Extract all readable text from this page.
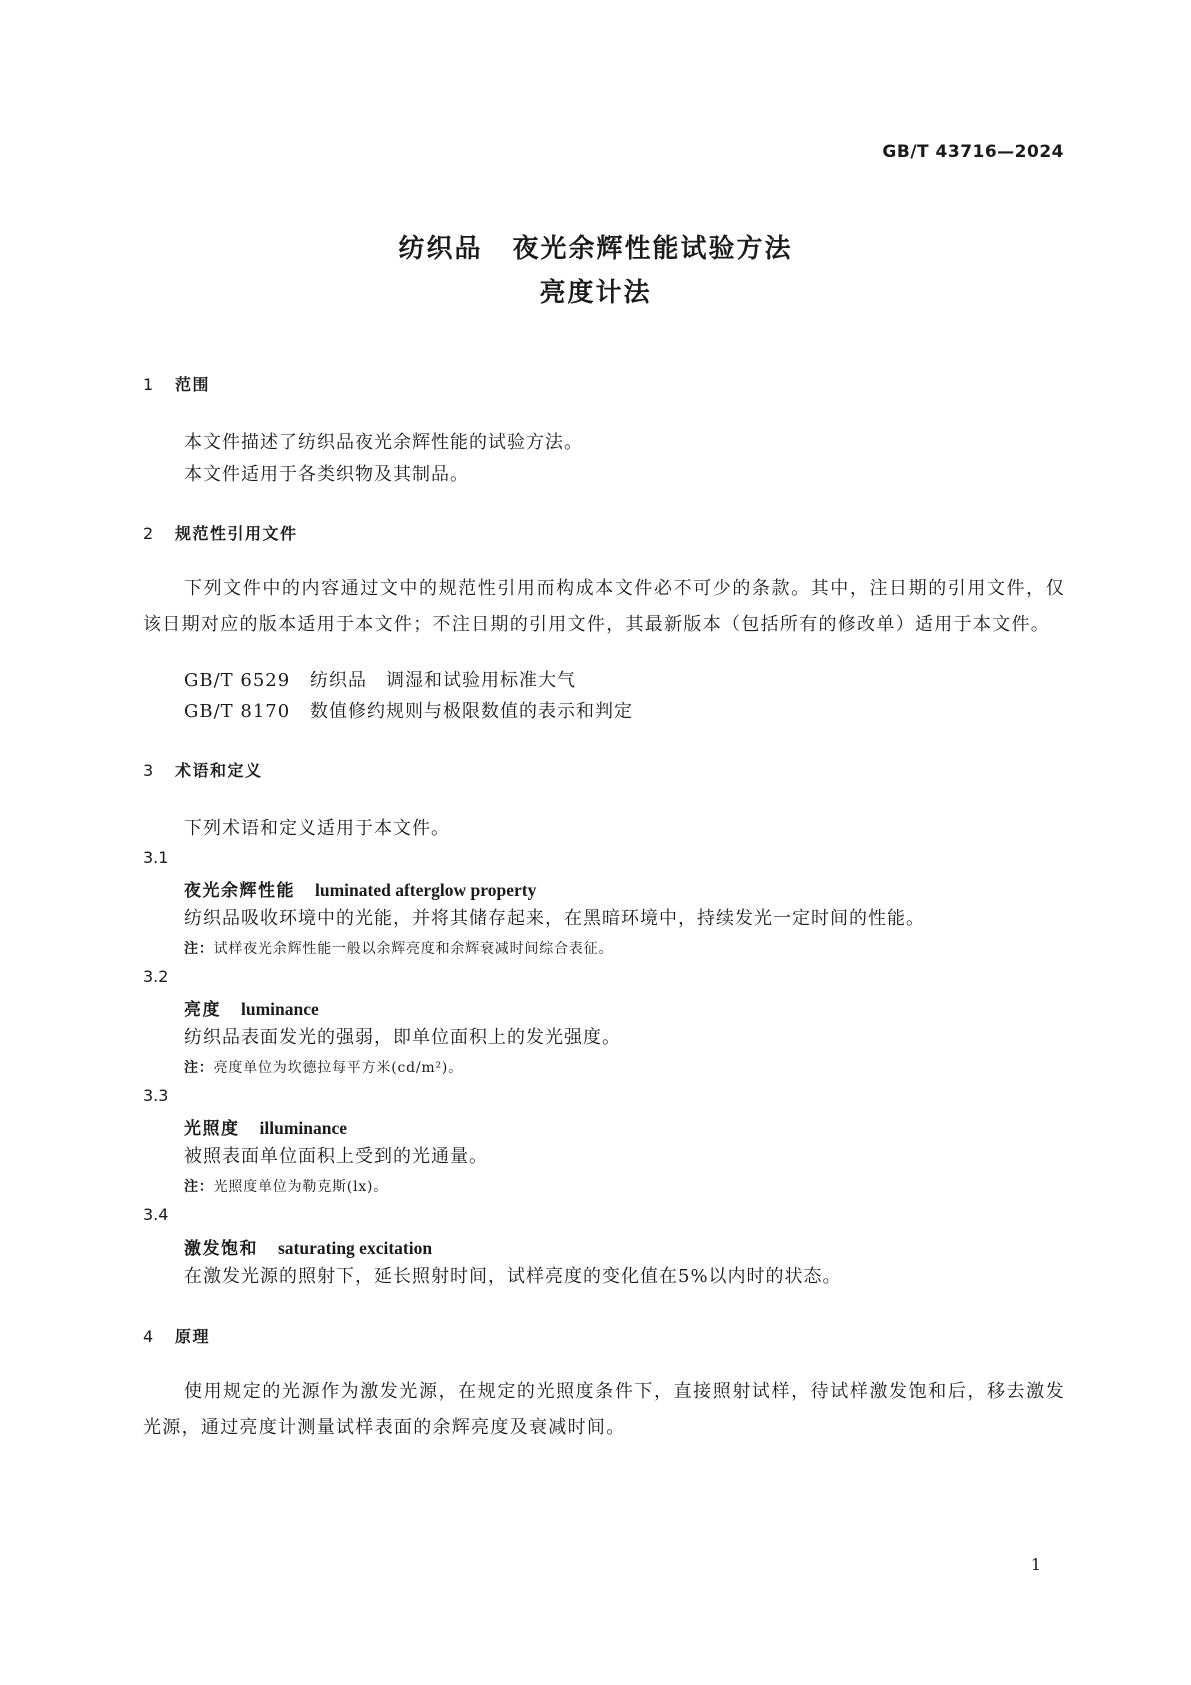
GB/T 43716—2024
纺织品 夜光余辉性能试验方法
亮度计法
1 范围
本文件描述了纺织品夜光余辉性能的试验方法。
本文件适用于各类织物及其制品。
2 规范性引用文件
下列文件中的内容通过文中的规范性引用而构成本文件必不可少的条款。其中，注日期的引用文件，仅该日期对应的版本适用于本文件；不注日期的引用文件，其最新版本（包括所有的修改单）适用于本文件。
GB/T 6529 纺织品　调湿和试验用标准大气
GB/T 8170 数值修约规则与极限数值的表示和判定
3 术语和定义
下列术语和定义适用于本文件。
3.1
夜光余辉性能 luminated afterglow property
纺织品吸收环境中的光能，并将其储存起来，在黑暗环境中，持续发光一定时间的性能。
注：试样夜光余辉性能一般以余辉亮度和余辉衰减时间综合表征。
3.2
亮度 luminance
纺织品表面发光的强弱，即单位面积上的发光强度。
注：亮度单位为坎德拉每平方米(cd/m²)。
3.3
光照度 illuminance
被照表面单位面积上受到的光通量。
注：光照度单位为勒克斯(lx)。
3.4
激发饱和 saturating excitation
在激发光源的照射下，延长照射时间，试样亮度的变化值在5%以内时的状态。
4 原理
使用规定的光源作为激发光源，在规定的光照度条件下，直接照射试样，待试样激发饱和后，移去激发光源，通过亮度计测量试样表面的余辉亮度及衰减时间。
1
